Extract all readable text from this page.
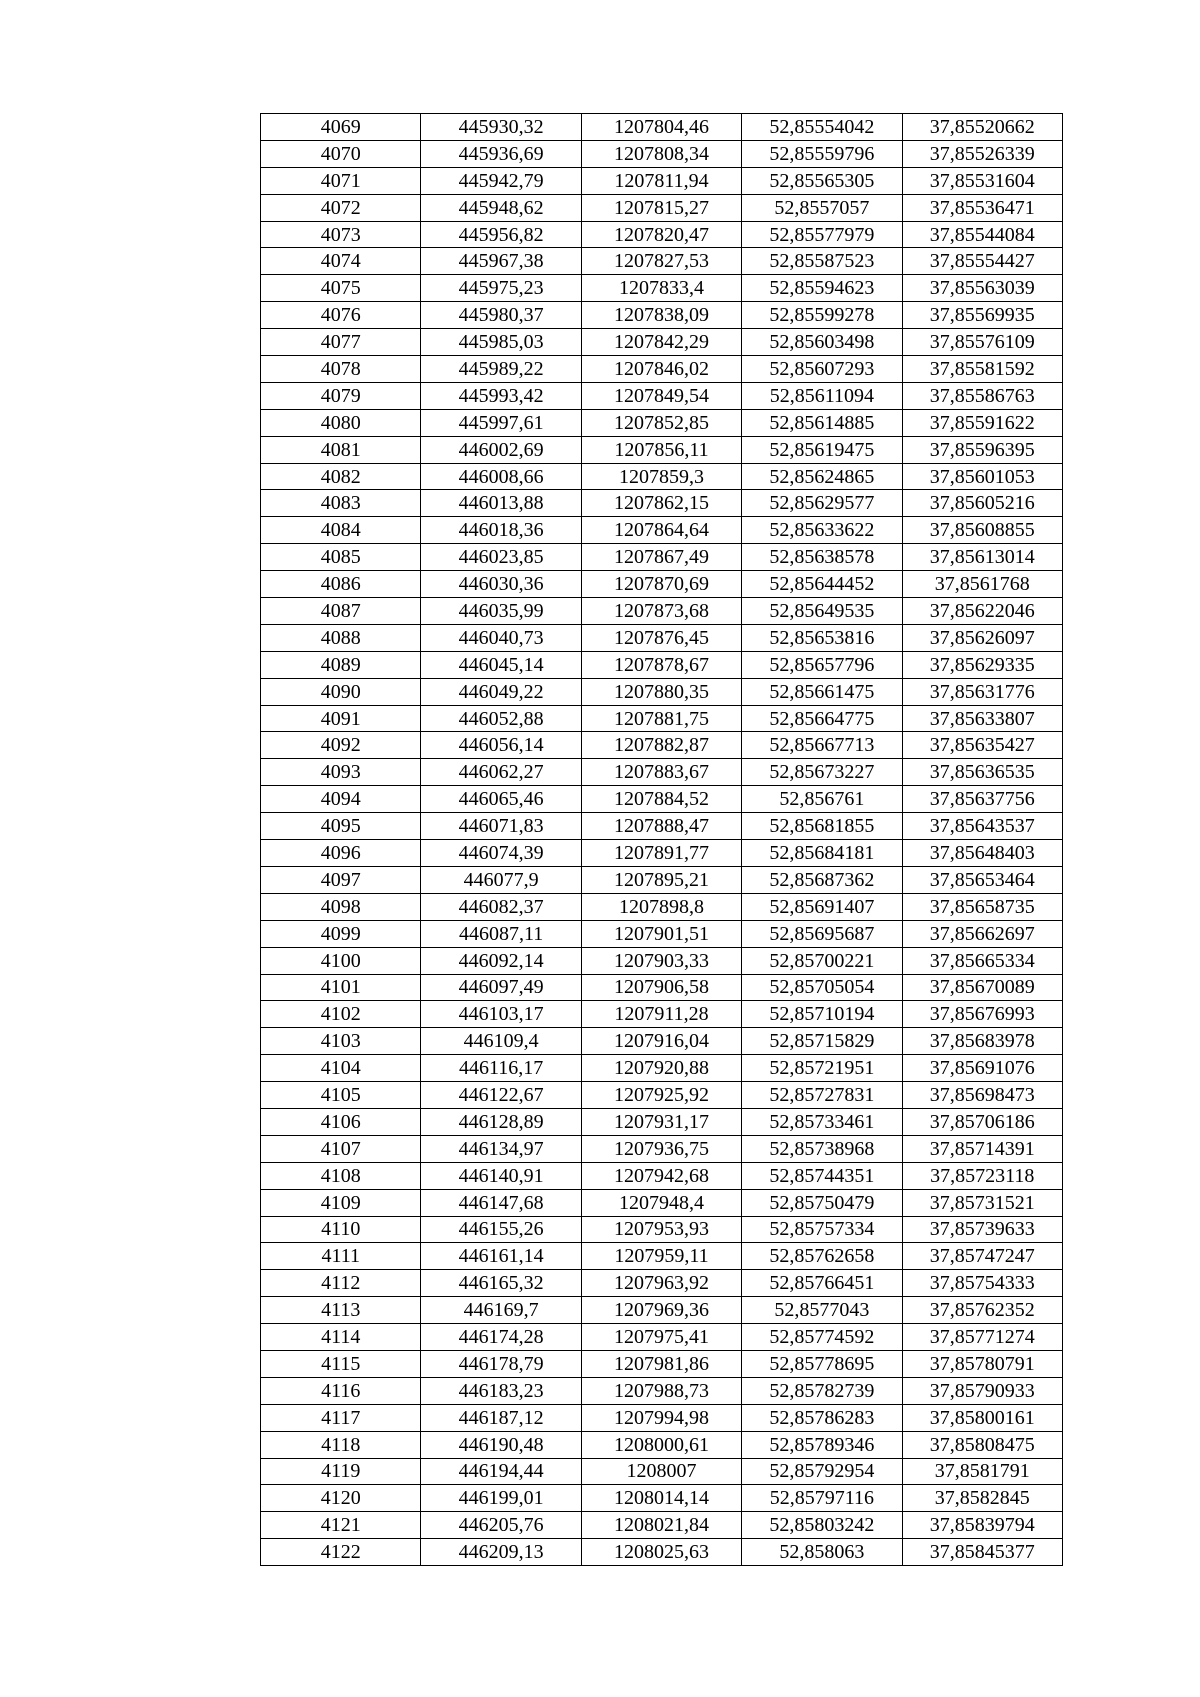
4069	445930,32	1207804,46	52,85554042	37,85520662
4070	445936,69	1207808,34	52,85559796	37,85526339
4071	445942,79	1207811,94	52,85565305	37,85531604
4072	445948,62	1207815,27	52,8557057	37,85536471
4073	445956,82	1207820,47	52,85577979	37,85544084
4074	445967,38	1207827,53	52,85587523	37,85554427
4075	445975,23	1207833,4	52,85594623	37,85563039
4076	445980,37	1207838,09	52,85599278	37,85569935
4077	445985,03	1207842,29	52,85603498	37,85576109
4078	445989,22	1207846,02	52,85607293	37,85581592
4079	445993,42	1207849,54	52,85611094	37,85586763
4080	445997,61	1207852,85	52,85614885	37,85591622
4081	446002,69	1207856,11	52,85619475	37,85596395
4082	446008,66	1207859,3	52,85624865	37,85601053
4083	446013,88	1207862,15	52,85629577	37,85605216
4084	446018,36	1207864,64	52,85633622	37,85608855
4085	446023,85	1207867,49	52,85638578	37,85613014
4086	446030,36	1207870,69	52,85644452	37,8561768
4087	446035,99	1207873,68	52,85649535	37,85622046
4088	446040,73	1207876,45	52,85653816	37,85626097
4089	446045,14	1207878,67	52,85657796	37,85629335
4090	446049,22	1207880,35	52,85661475	37,85631776
4091	446052,88	1207881,75	52,85664775	37,85633807
4092	446056,14	1207882,87	52,85667713	37,85635427
4093	446062,27	1207883,67	52,85673227	37,85636535
4094	446065,46	1207884,52	52,856761	37,85637756
4095	446071,83	1207888,47	52,85681855	37,85643537
4096	446074,39	1207891,77	52,85684181	37,85648403
4097	446077,9	1207895,21	52,85687362	37,85653464
4098	446082,37	1207898,8	52,85691407	37,85658735
4099	446087,11	1207901,51	52,85695687	37,85662697
4100	446092,14	1207903,33	52,85700221	37,85665334
4101	446097,49	1207906,58	52,85705054	37,85670089
4102	446103,17	1207911,28	52,85710194	37,85676993
4103	446109,4	1207916,04	52,85715829	37,85683978
4104	446116,17	1207920,88	52,85721951	37,85691076
4105	446122,67	1207925,92	52,85727831	37,85698473
4106	446128,89	1207931,17	52,85733461	37,85706186
4107	446134,97	1207936,75	52,85738968	37,85714391
4108	446140,91	1207942,68	52,85744351	37,85723118
4109	446147,68	1207948,4	52,85750479	37,85731521
4110	446155,26	1207953,93	52,85757334	37,85739633
4111	446161,14	1207959,11	52,85762658	37,85747247
4112	446165,32	1207963,92	52,85766451	37,85754333
4113	446169,7	1207969,36	52,8577043	37,85762352
4114	446174,28	1207975,41	52,85774592	37,85771274
4115	446178,79	1207981,86	52,85778695	37,85780791
4116	446183,23	1207988,73	52,85782739	37,85790933
4117	446187,12	1207994,98	52,85786283	37,85800161
4118	446190,48	1208000,61	52,85789346	37,85808475
4119	446194,44	1208007	52,85792954	37,8581791
4120	446199,01	1208014,14	52,85797116	37,8582845
4121	446205,76	1208021,84	52,85803242	37,85839794
4122	446209,13	1208025,63	52,858063	37,85845377
